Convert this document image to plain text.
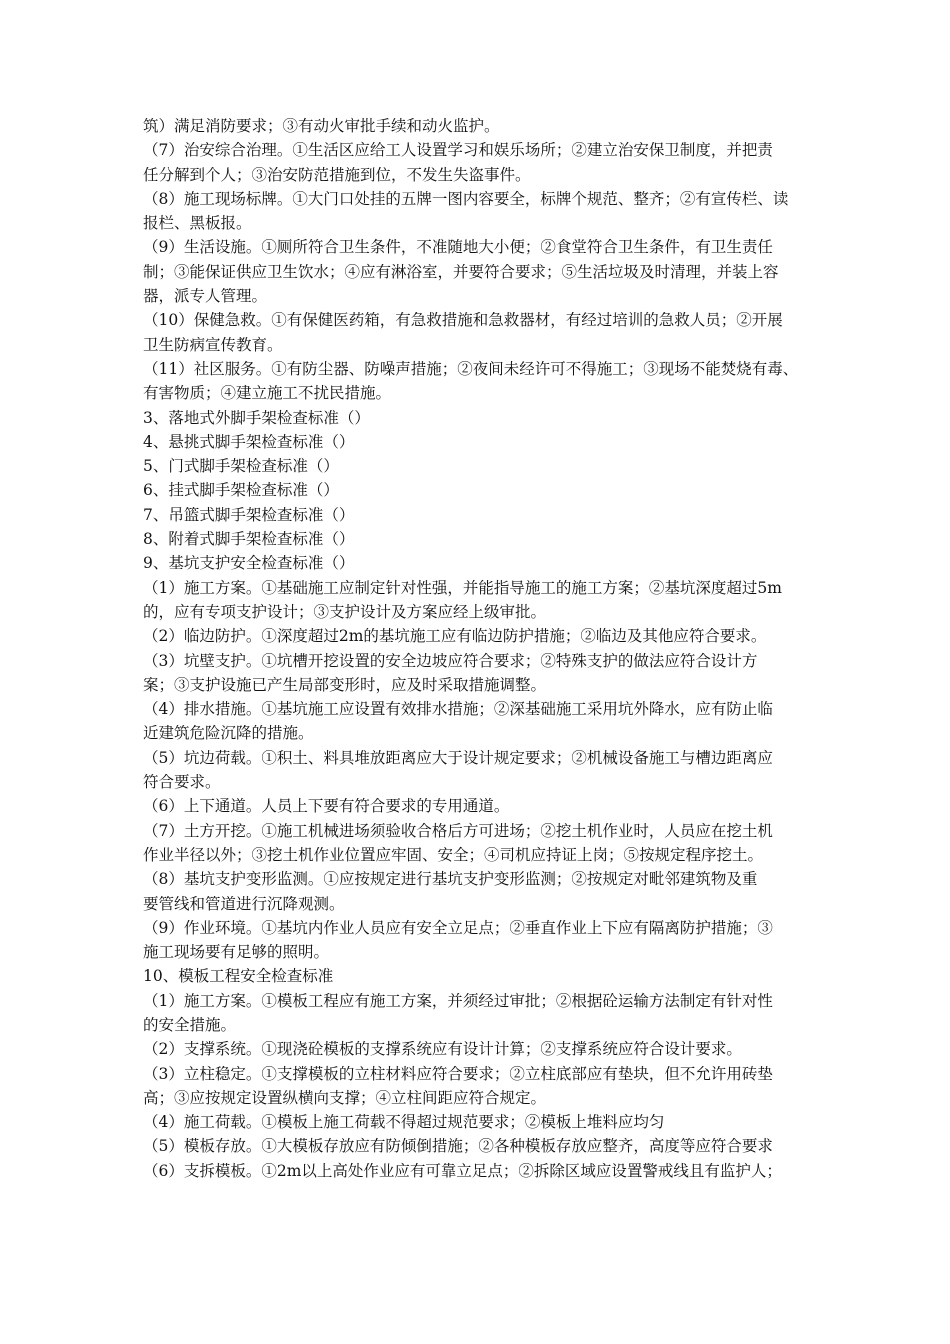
筑）满足消防要求；③有动火审批手续和动火监护。
（7）治安综合治理。①生活区应给工人设置学习和娱乐场所；②建立治安保卫制度，并把责
任分解到个人；③治安防范措施到位，不发生失盗事件。
（8）施工现场标牌。①大门口处挂的五牌一图内容要全，标牌个规范、整齐；②有宣传栏、读
报栏、黑板报。
（9）生活设施。①厕所符合卫生条件，不准随地大小便；②食堂符合卫生条件，有卫生责任
制；③能保证供应卫生饮水；④应有淋浴室，并要符合要求；⑤生活垃圾及时清理，并装上容
器，派专人管理。
（10）保健急救。①有保健医药箱，有急救措施和急救器材，有经过培训的急救人员；②开展
卫生防病宣传教育。
（11）社区服务。①有防尘器、防噪声措施；②夜间未经许可不得施工；③现场不能焚烧有毒、
有害物质；④建立施工不扰民措施。
3、落地式外脚手架检查标准（）
4、悬挑式脚手架检查标准（）
5、门式脚手架检查标准（）
6、挂式脚手架检查标准（）
7、吊篮式脚手架检查标准（）
8、附着式脚手架检查标准（）
9、基坑支护安全检查标准（）
（1）施工方案。①基础施工应制定针对性强，并能指导施工的施工方案；②基坑深度超过5m
的，应有专项支护设计；③支护设计及方案应经上级审批。
（2）临边防护。①深度超过2m的基坑施工应有临边防护措施；②临边及其他应符合要求。
（3）坑壁支护。①坑槽开挖设置的安全边坡应符合要求；②特殊支护的做法应符合设计方
案；③支护设施已产生局部变形时，应及时采取措施调整。
（4）排水措施。①基坑施工应设置有效排水措施；②深基础施工采用坑外降水，应有防止临
近建筑危险沉降的措施。
（5）坑边荷载。①积土、料具堆放距离应大于设计规定要求；②机械设备施工与槽边距离应
符合要求。
（6）上下通道。人员上下要有符合要求的专用通道。
（7）土方开挖。①施工机械进场须验收合格后方可进场；②挖土机作业时，人员应在挖土机
作业半径以外；③挖土机作业位置应牢固、安全；④司机应持证上岗；⑤按规定程序挖土。
（8）基坑支护变形监测。①应按规定进行基坑支护变形监测；②按规定对毗邻建筑物及重
要管线和管道进行沉降观测。
（9）作业环境。①基坑内作业人员应有安全立足点；②垂直作业上下应有隔离防护措施；③
施工现场要有足够的照明。
10、模板工程安全检查标准
（1）施工方案。①模板工程应有施工方案，并须经过审批；②根据砼运输方法制定有针对性
的安全措施。
（2）支撑系统。①现浇砼模板的支撑系统应有设计计算；②支撑系统应符合设计要求。
（3）立柱稳定。①支撑模板的立柱材料应符合要求；②立柱底部应有垫块，但不允许用砖垫
高；③应按规定设置纵横向支撑；④立柱间距应符合规定。
（4）施工荷载。①模板上施工荷载不得超过规范要求；②模板上堆料应均匀
（5）模板存放。①大模板存放应有防倾倒措施；②各种模板存放应整齐，高度等应符合要求
（6）支拆模板。①2m以上高处作业应有可靠立足点；②拆除区域应设置警戒线且有监护人；
